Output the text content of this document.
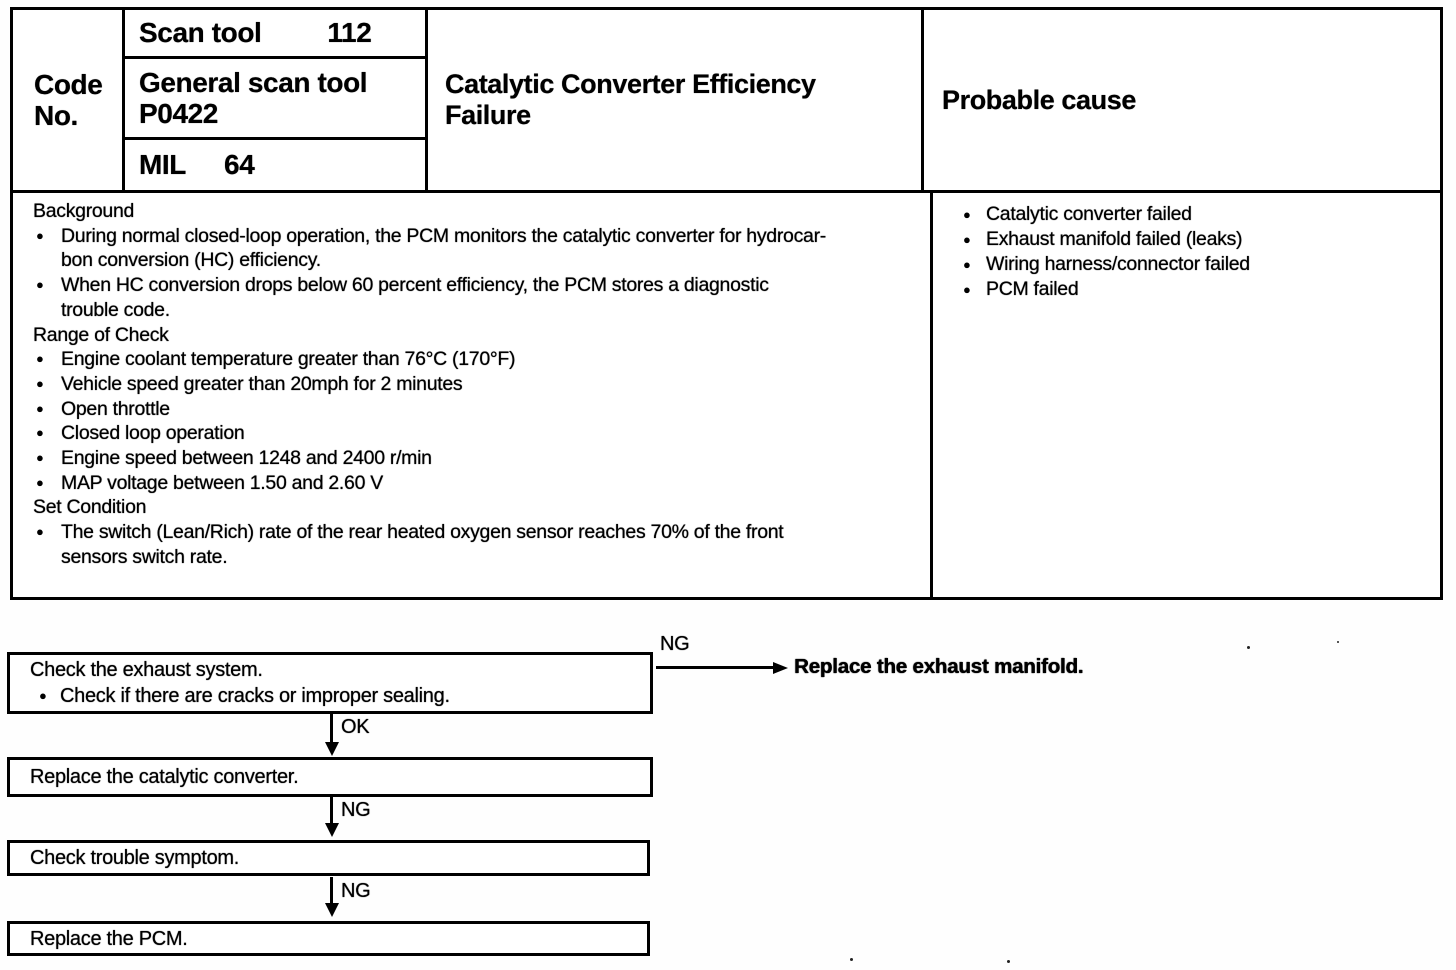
Code
No.
Scan tool 112
General scan tool
P0422
MIL 64
Catalytic Converter Efficiency
Failure
Probable cause
Background
● During normal closed-loop operation, the PCM monitors the catalytic converter for hydrocar-
bon conversion (HC) efficiency.
● When HC conversion drops below 60 percent efficiency, the PCM stores a diagnostic
trouble code.
Range of Check
● Engine coolant temperature greater than 76°C (170°F)
● Vehicle speed greater than 20mph for 2 minutes
● Open throttle
● Closed loop operation
● Engine speed between 1248 and 2400 r/min
● MAP voltage between 1.50 and 2.60 V
Set Condition
● The switch (Lean/Rich) rate of the rear heated oxygen sensor reaches 70% of the front
sensors switch rate.
● Catalytic converter failed
● Exhaust manifold failed (leaks)
● Wiring harness/connector failed
● PCM failed
Check the exhaust system.
● Check if there are cracks or improper sealing.
NG
Replace the exhaust manifold.
OK
Replace the catalytic converter.
NG
Check trouble symptom.
NG
Replace the PCM.
